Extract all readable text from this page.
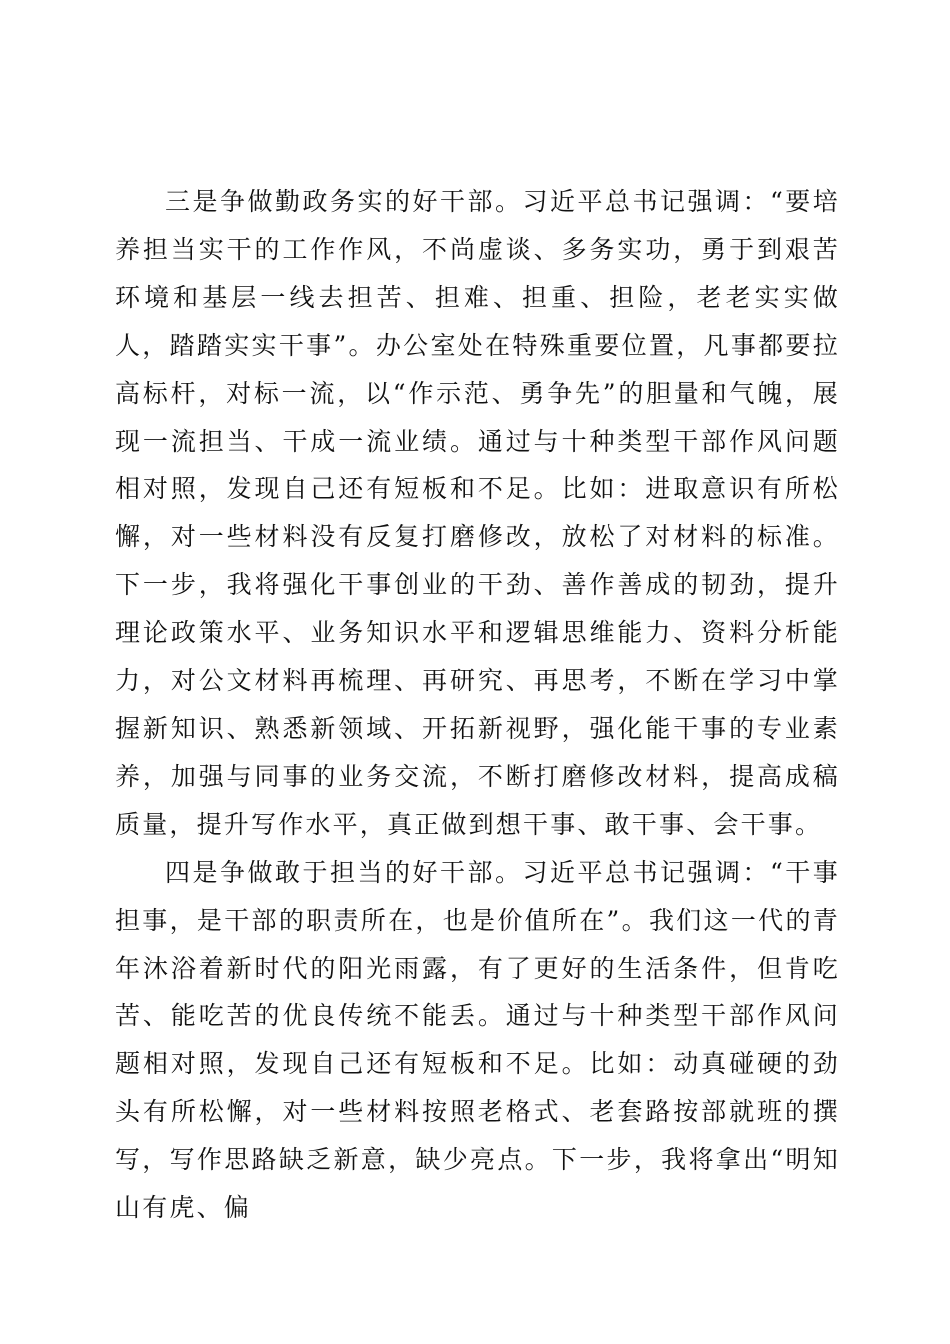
三是争做勤政务实的好干部。习近平总书记强调：“要培养担当实干的工作作风，不尚虚谈、多务实功，勇于到艰苦环境和基层一线去担苦、担难、担重、担险，老老实实做人，踏踏实实干事”。办公室处在特殊重要位置，凡事都要拉高标杆，对标一流，以“作示范、勇争先”的胆量和气魄，展现一流担当、干成一流业绩。通过与十种类型干部作风问题相对照，发现自己还有短板和不足。比如：进取意识有所松懈，对一些材料没有反复打磨修改，放松了对材料的标准。下一步，我将强化干事创业的干劲、善作善成的韧劲，提升理论政策水平、业务知识水平和逻辑思维能力、资料分析能力，对公文材料再梳理、再研究、再思考，不断在学习中掌握新知识、熟悉新领域、开拓新视野，强化能干事的专业素养，加强与同事的业务交流，不断打磨修改材料，提高成稿质量，提升写作水平，真正做到想干事、敢干事、会干事。

四是争做敢于担当的好干部。习近平总书记强调：“干事担事，是干部的职责所在，也是价值所在”。我们这一代的青年沐浴着新时代的阳光雨露，有了更好的生活条件，但肯吃苦、能吃苦的优良传统不能丢。通过与十种类型干部作风问题相对照，发现自己还有短板和不足。比如：动真碰硬的劲头有所松懈，对一些材料按照老格式、老套路按部就班的撰写，写作思路缺乏新意，缺少亮点。下一步，我将拿出“明知山有虎、偏
